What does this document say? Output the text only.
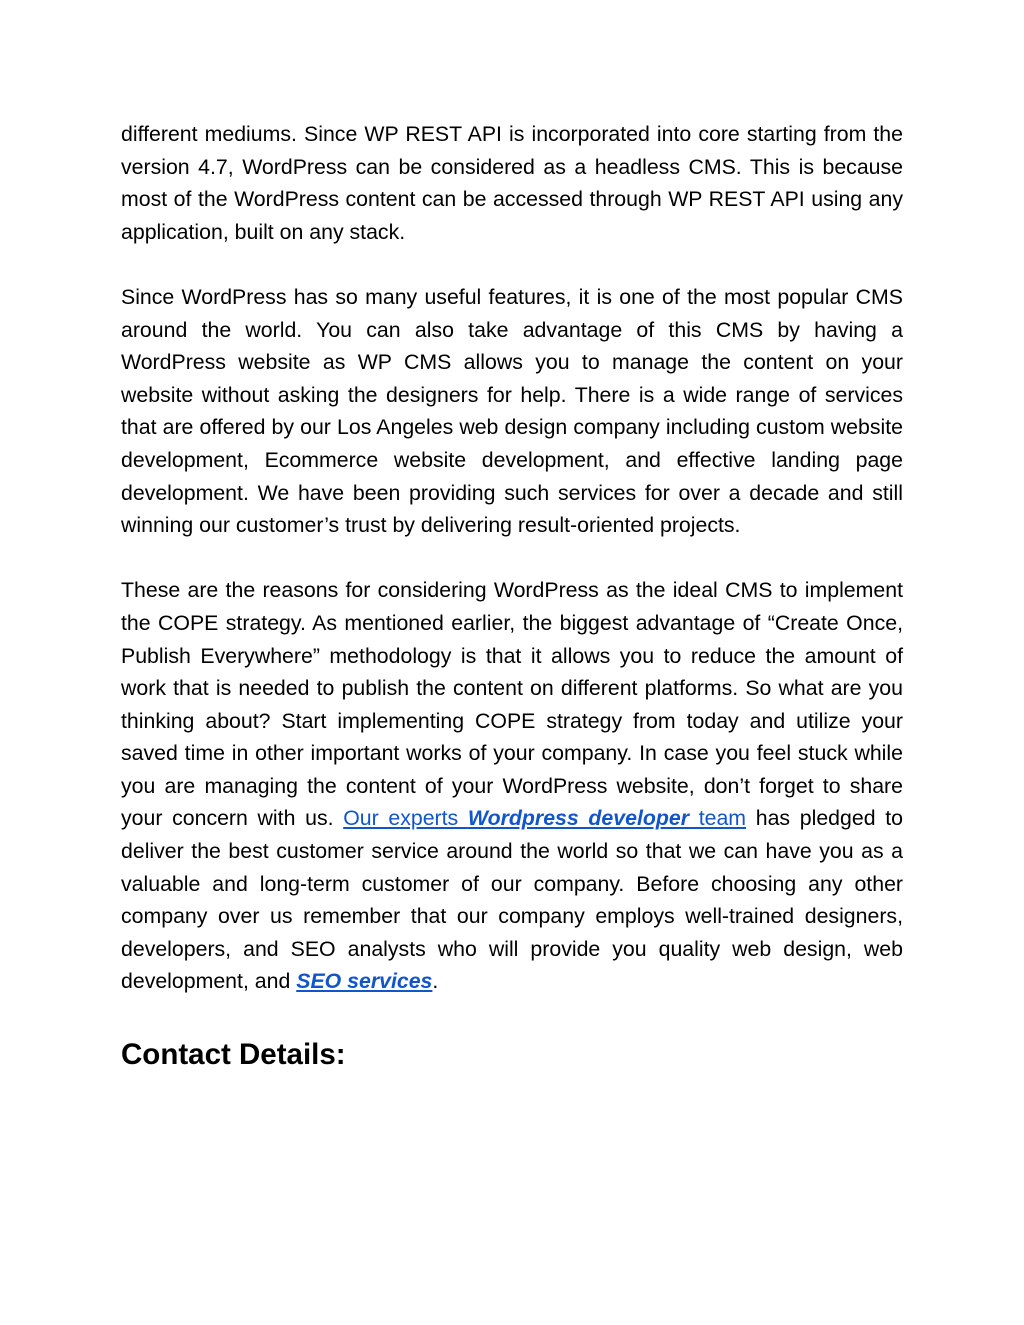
different mediums. Since WP REST API is incorporated into core starting from the version 4.7, WordPress can be considered as a headless CMS. This is because most of the WordPress content can be accessed through WP REST API using any application, built on any stack.

Since WordPress has so many useful features, it is one of the most popular CMS around the world. You can also take advantage of this CMS by having a WordPress website as WP CMS allows you to manage the content on your website without asking the designers for help. There is a wide range of services that are offered by our Los Angeles web design company including custom website development, Ecommerce website development, and effective landing page development. We have been providing such services for over a decade and still winning our customer’s trust by delivering result-oriented projects.

These are the reasons for considering WordPress as the ideal CMS to implement the COPE strategy. As mentioned earlier, the biggest advantage of “Create Once, Publish Everywhere” methodology is that it allows you to reduce the amount of work that is needed to publish the content on different platforms. So what are you thinking about? Start implementing COPE strategy from today and utilize your saved time in other important works of your company. In case you feel stuck while you are managing the content of your WordPress website, don’t forget to share your concern with us. Our experts Wordpress developer team has pledged to deliver the best customer service around the world so that we can have you as a valuable and long-term customer of our company. Before choosing any other company over us remember that our company employs well-trained designers, developers, and SEO analysts who will provide you quality web design, web development, and SEO services.

Contact Details:
